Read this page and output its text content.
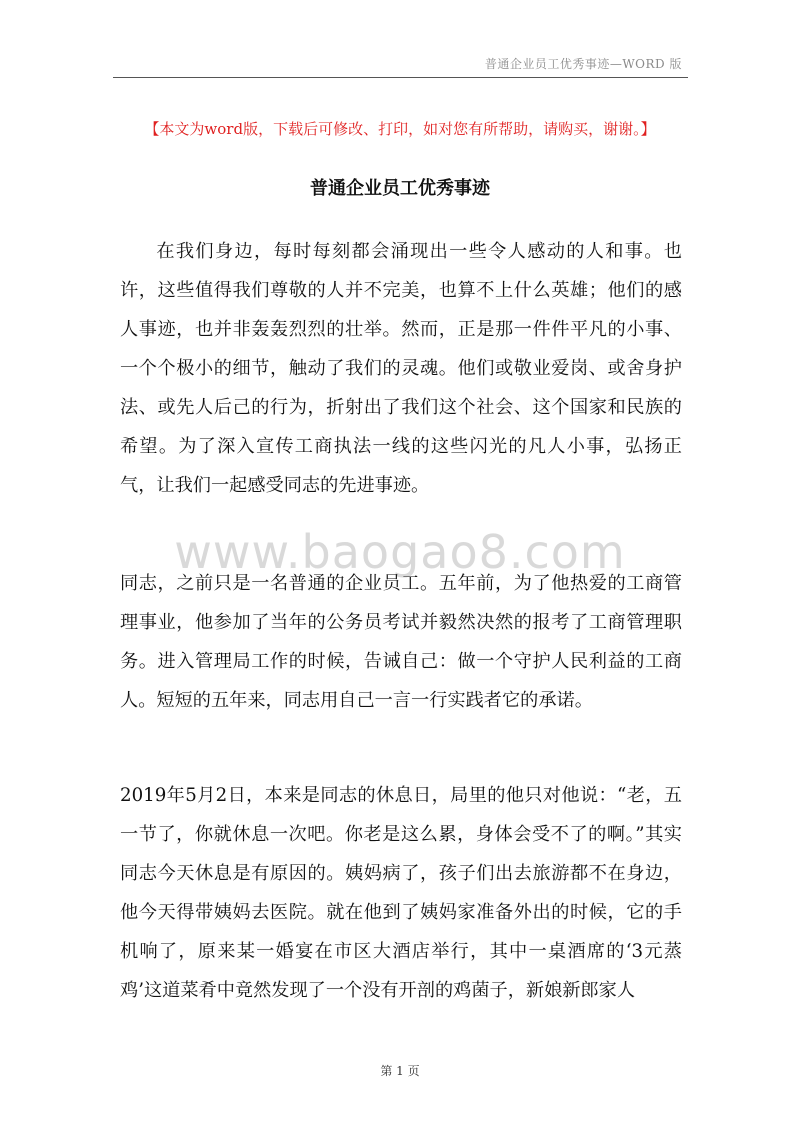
普通企业员工优秀事迹—WORD 版
【本文为word版，下载后可修改、打印，如对您有所帮助，请购买，谢谢。】
普通企业员工优秀事迹
在我们身边，每时每刻都会涌现出一些令人感动的人和事。也许，这些值得我们尊敬的人并不完美，也算不上什么英雄；他们的感人事迹，也并非轰轰烈烈的壮举。然而，正是那一件件平凡的小事、一个个极小的细节，触动了我们的灵魂。他们或敬业爱岗、或舍身护法、或先人后己的行为，折射出了我们这个社会、这个国家和民族的希望。为了深入宣传工商执法一线的这些闪光的凡人小事，弘扬正气，让我们一起感受同志的先进事迹。
www.baogao8.com
同志，之前只是一名普通的企业员工。五年前，为了他热爱的工商管理事业，他参加了当年的公务员考试并毅然决然的报考了工商管理职务。进入管理局工作的时候，告诫自己：做一个守护人民利益的工商人。短短的五年来，同志用自己一言一行实践者它的承诺。
2019年5月2日，本来是同志的休息日，局里的他只对他说：“老，五一节了，你就休息一次吧。你老是这么累，身体会受不了的啊。”其实同志今天休息是有原因的。姨妈病了，孩子们出去旅游都不在身边，他今天得带姨妈去医院。就在他到了姨妈家准备外出的时候，它的手机响了，原来某一婚宴在市区大酒店举行，其中一桌酒席的‘3元蒸鸡’这道菜肴中竟然发现了一个没有开剖的鸡菌子，新娘新郎家人
第 1 页
